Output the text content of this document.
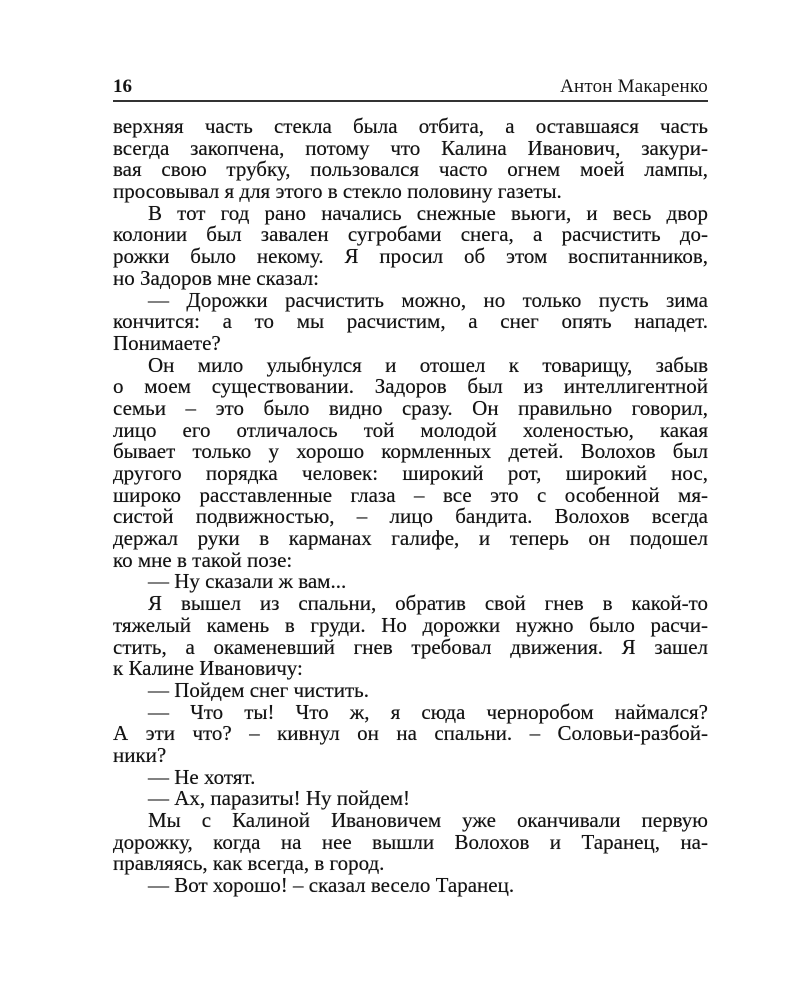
16	Антон Макаренко
верхняя часть стекла была отбита, а оставшаяся часть
всегда закопчена, потому что Калина Иванович, закури-
вая свою трубку, пользовался часто огнем моей лампы,
просовывал я для этого в стекло половину газеты.
В тот год рано начались снежные вьюги, и весь двор
колонии был завален сугробами снега, а расчистить до-
рожки было некому. Я просил об этом воспитанников,
но Задоров мне сказал:
— Дорожки расчистить можно, но только пусть зима
кончится: а то мы расчистим, а снег опять нападет.
Понимаете?
Он мило улыбнулся и отошел к товарищу, забыв
о моем существовании. Задоров был из интеллигентной
семьи – это было видно сразу. Он правильно говорил,
лицо его отличалось той молодой холеностью, какая
бывает только у хорошо кормленных детей. Волохов был
другого порядка человек: широкий рот, широкий нос,
широко расставленные глаза – все это с особенной мя-
систой подвижностью, – лицо бандита. Волохов всегда
держал руки в карманах галифе, и теперь он подошел
ко мне в такой позе:
— Ну сказали ж вам...
Я вышел из спальни, обратив свой гнев в какой-то
тяжелый камень в груди. Но дорожки нужно было расчи-
стить, а окаменевший гнев требовал движения. Я зашел
к Калине Ивановичу:
— Пойдем снег чистить.
— Что ты! Что ж, я сюда черноробом наймался?
А эти что? – кивнул он на спальни. – Соловьи-разбой-
ники?
— Не хотят.
— Ах, паразиты! Ну пойдем!
Мы с Калиной Ивановичем уже оканчивали первую
дорожку, когда на нее вышли Волохов и Таранец, на-
правляясь, как всегда, в город.
— Вот хорошо! – сказал весело Таранец.
